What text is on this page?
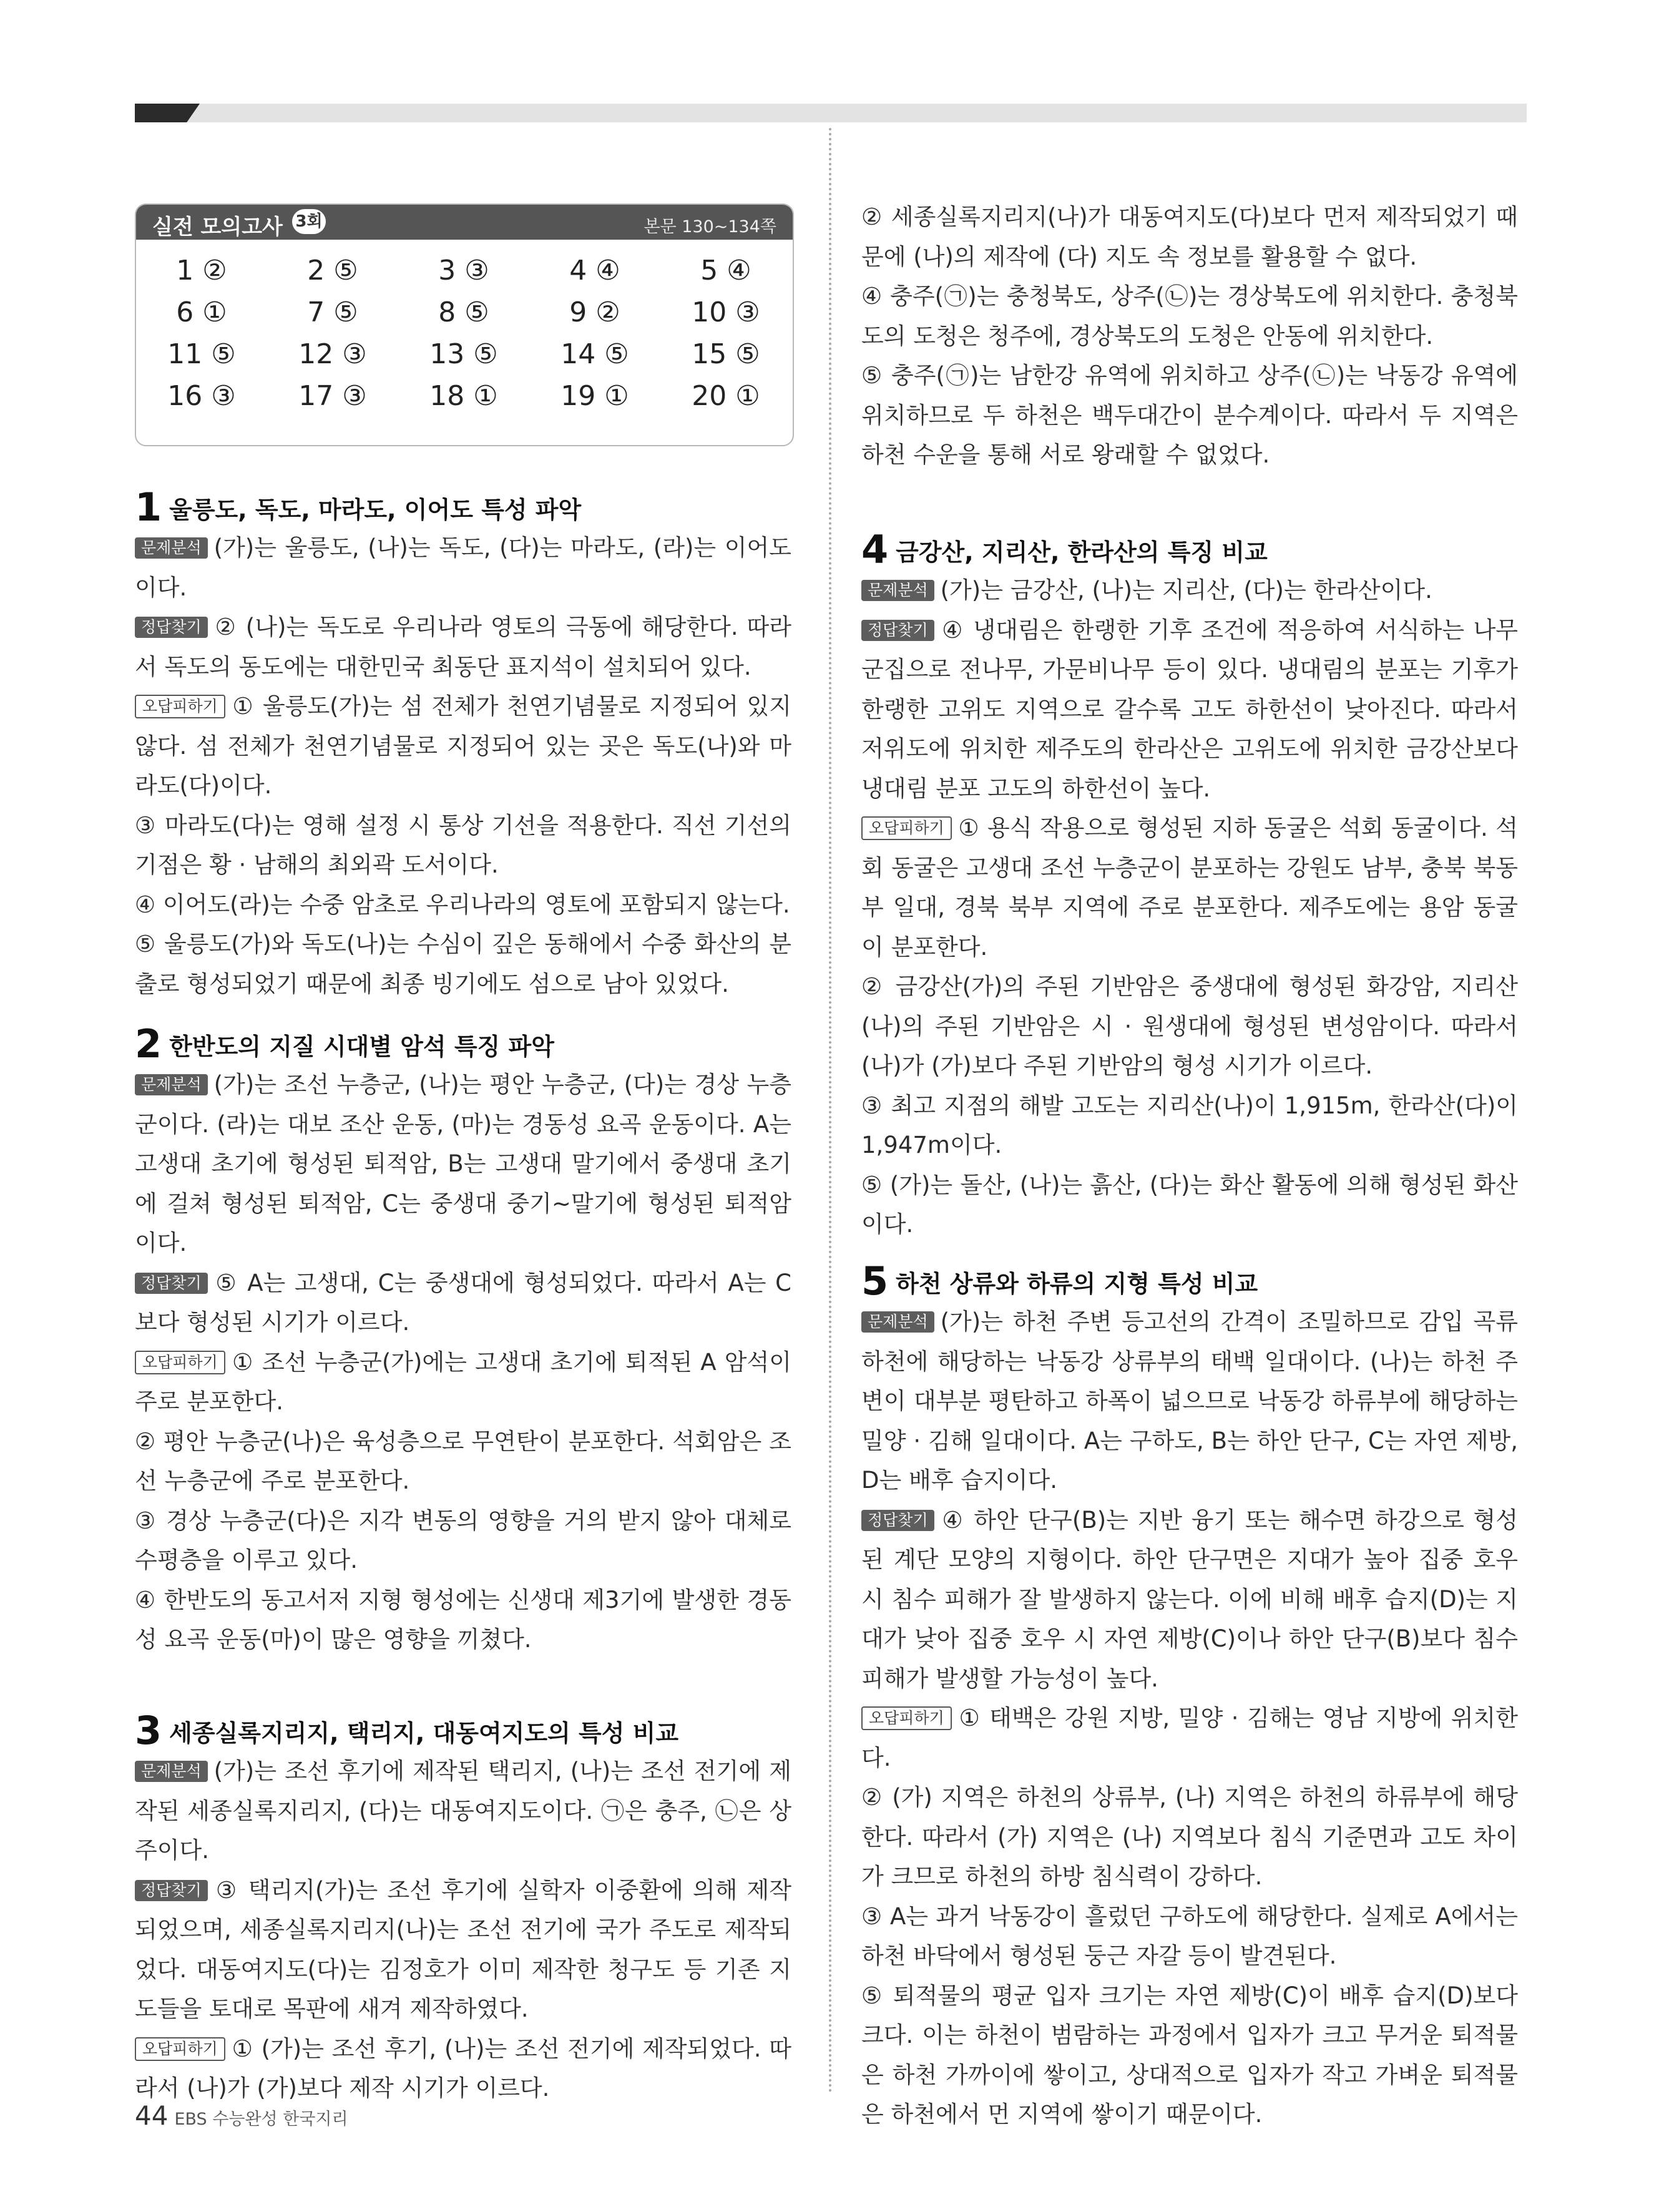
실전 모의고사 3회	본문 130~134쪽
1 ②	2 ⑤	3 ③	4 ④	5 ④
6 ①	7 ⑤	8 ⑤	9 ②	10 ③
11 ⑤	12 ③	13 ⑤	14 ⑤	15 ⑤
16 ③	17 ③	18 ①	19 ①	20 ①
1 울릉도, 독도, 마라도, 이어도 특성 파악

문제분석 (가)는 울릉도, (나)는 독도, (다)는 마라도, (라)는 이어도이다.

정답찾기 ② (나)는 독도로 우리나라 영토의 극동에 해당한다. 따라서 독도의 동도에는 대한민국 최동단 표지석이 설치되어 있다.

오답피하기 ① 울릉도(가)는 섬 전체가 천연기념물로 지정되어 있지 않다. 섬 전체가 천연기념물로 지정되어 있는 곳은 독도(나)와 마라도(다)이다.

③ 마라도(다)는 영해 설정 시 통상 기선을 적용한다. 직선 기선의 기점은 황 · 남해의 최외곽 도서이다.

④ 이어도(라)는 수중 암초로 우리나라의 영토에 포함되지 않는다.

⑤ 울릉도(가)와 독도(나)는 수심이 깊은 동해에서 수중 화산의 분출로 형성되었기 때문에 최종 빙기에도 섬으로 남아 있었다.

2 한반도의 지질 시대별 암석 특징 파악

문제분석 (가)는 조선 누층군, (나)는 평안 누층군, (다)는 경상 누층군이다. (라)는 대보 조산 운동, (마)는 경동성 요곡 운동이다. A는 고생대 초기에 형성된 퇴적암, B는 고생대 말기에서 중생대 초기에 걸쳐 형성된 퇴적암, C는 중생대 중기~말기에 형성된 퇴적암이다.

정답찾기 ⑤ A는 고생대, C는 중생대에 형성되었다. 따라서 A는 C보다 형성된 시기가 이르다.

오답피하기 ① 조선 누층군(가)에는 고생대 초기에 퇴적된 A 암석이 주로 분포한다.

② 평안 누층군(나)은 육성층으로 무연탄이 분포한다. 석회암은 조선 누층군에 주로 분포한다.

③ 경상 누층군(다)은 지각 변동의 영향을 거의 받지 않아 대체로 수평층을 이루고 있다.

④ 한반도의 동고서저 지형 형성에는 신생대 제3기에 발생한 경동성 요곡 운동(마)이 많은 영향을 끼쳤다.

3 세종실록지리지, 택리지, 대동여지도의 특성 비교

문제분석 (가)는 조선 후기에 제작된 택리지, (나)는 조선 전기에 제작된 세종실록지리지, (다)는 대동여지도이다. ㉠은 충주, ㉡은 상주이다.

정답찾기 ③ 택리지(가)는 조선 후기에 실학자 이중환에 의해 제작되었으며, 세종실록지리지(나)는 조선 전기에 국가 주도로 제작되었다. 대동여지도(다)는 김정호가 이미 제작한 청구도 등 기존 지도들을 토대로 목판에 새겨 제작하였다.

오답피하기 ① (가)는 조선 후기, (나)는 조선 전기에 제작되었다. 따라서 (나)가 (가)보다 제작 시기가 이르다.

② 세종실록지리지(나)가 대동여지도(다)보다 먼저 제작되었기 때문에 (나)의 제작에 (다) 지도 속 정보를 활용할 수 없다.

④ 충주(㉠)는 충청북도, 상주(㉡)는 경상북도에 위치한다. 충청북도의 도청은 청주에, 경상북도의 도청은 안동에 위치한다.

⑤ 충주(㉠)는 남한강 유역에 위치하고 상주(㉡)는 낙동강 유역에 위치하므로 두 하천은 백두대간이 분수계이다. 따라서 두 지역은 하천 수운을 통해 서로 왕래할 수 없었다.

4 금강산, 지리산, 한라산의 특징 비교

문제분석 (가)는 금강산, (나)는 지리산, (다)는 한라산이다.

정답찾기 ④ 냉대림은 한랭한 기후 조건에 적응하여 서식하는 나무 군집으로 전나무, 가문비나무 등이 있다. 냉대림의 분포는 기후가 한랭한 고위도 지역으로 갈수록 고도 하한선이 낮아진다. 따라서 저위도에 위치한 제주도의 한라산은 고위도에 위치한 금강산보다 냉대림 분포 고도의 하한선이 높다.

오답피하기 ① 용식 작용으로 형성된 지하 동굴은 석회 동굴이다. 석회 동굴은 고생대 조선 누층군이 분포하는 강원도 남부, 충북 북동부 일대, 경북 북부 지역에 주로 분포한다. 제주도에는 용암 동굴이 분포한다.

② 금강산(가)의 주된 기반암은 중생대에 형성된 화강암, 지리산(나)의 주된 기반암은 시 · 원생대에 형성된 변성암이다. 따라서 (나)가 (가)보다 주된 기반암의 형성 시기가 이르다.

③ 최고 지점의 해발 고도는 지리산(나)이 1,915m, 한라산(다)이 1,947m이다.

⑤ (가)는 돌산, (나)는 흙산, (다)는 화산 활동에 의해 형성된 화산이다.

5 하천 상류와 하류의 지형 특성 비교

문제분석 (가)는 하천 주변 등고선의 간격이 조밀하므로 감입 곡류 하천에 해당하는 낙동강 상류부의 태백 일대이다. (나)는 하천 주변이 대부분 평탄하고 하폭이 넓으므로 낙동강 하류부에 해당하는 밀양 · 김해 일대이다. A는 구하도, B는 하안 단구, C는 자연 제방, D는 배후 습지이다.

정답찾기 ④ 하안 단구(B)는 지반 융기 또는 해수면 하강으로 형성된 계단 모양의 지형이다. 하안 단구면은 지대가 높아 집중 호우 시 침수 피해가 잘 발생하지 않는다. 이에 비해 배후 습지(D)는 지대가 낮아 집중 호우 시 자연 제방(C)이나 하안 단구(B)보다 침수 피해가 발생할 가능성이 높다.

오답피하기 ① 태백은 강원 지방, 밀양 · 김해는 영남 지방에 위치한다.

② (가) 지역은 하천의 상류부, (나) 지역은 하천의 하류부에 해당한다. 따라서 (가) 지역은 (나) 지역보다 침식 기준면과 고도 차이가 크므로 하천의 하방 침식력이 강하다.

③ A는 과거 낙동강이 흘렀던 구하도에 해당한다. 실제로 A에서는 하천 바닥에서 형성된 둥근 자갈 등이 발견된다.

⑤ 퇴적물의 평균 입자 크기는 자연 제방(C)이 배후 습지(D)보다 크다. 이는 하천이 범람하는 과정에서 입자가 크고 무거운 퇴적물은 하천 가까이에 쌓이고, 상대적으로 입자가 작고 가벼운 퇴적물은 하천에서 먼 지역에 쌓이기 때문이다.

44 EBS 수능완성 한국지리
